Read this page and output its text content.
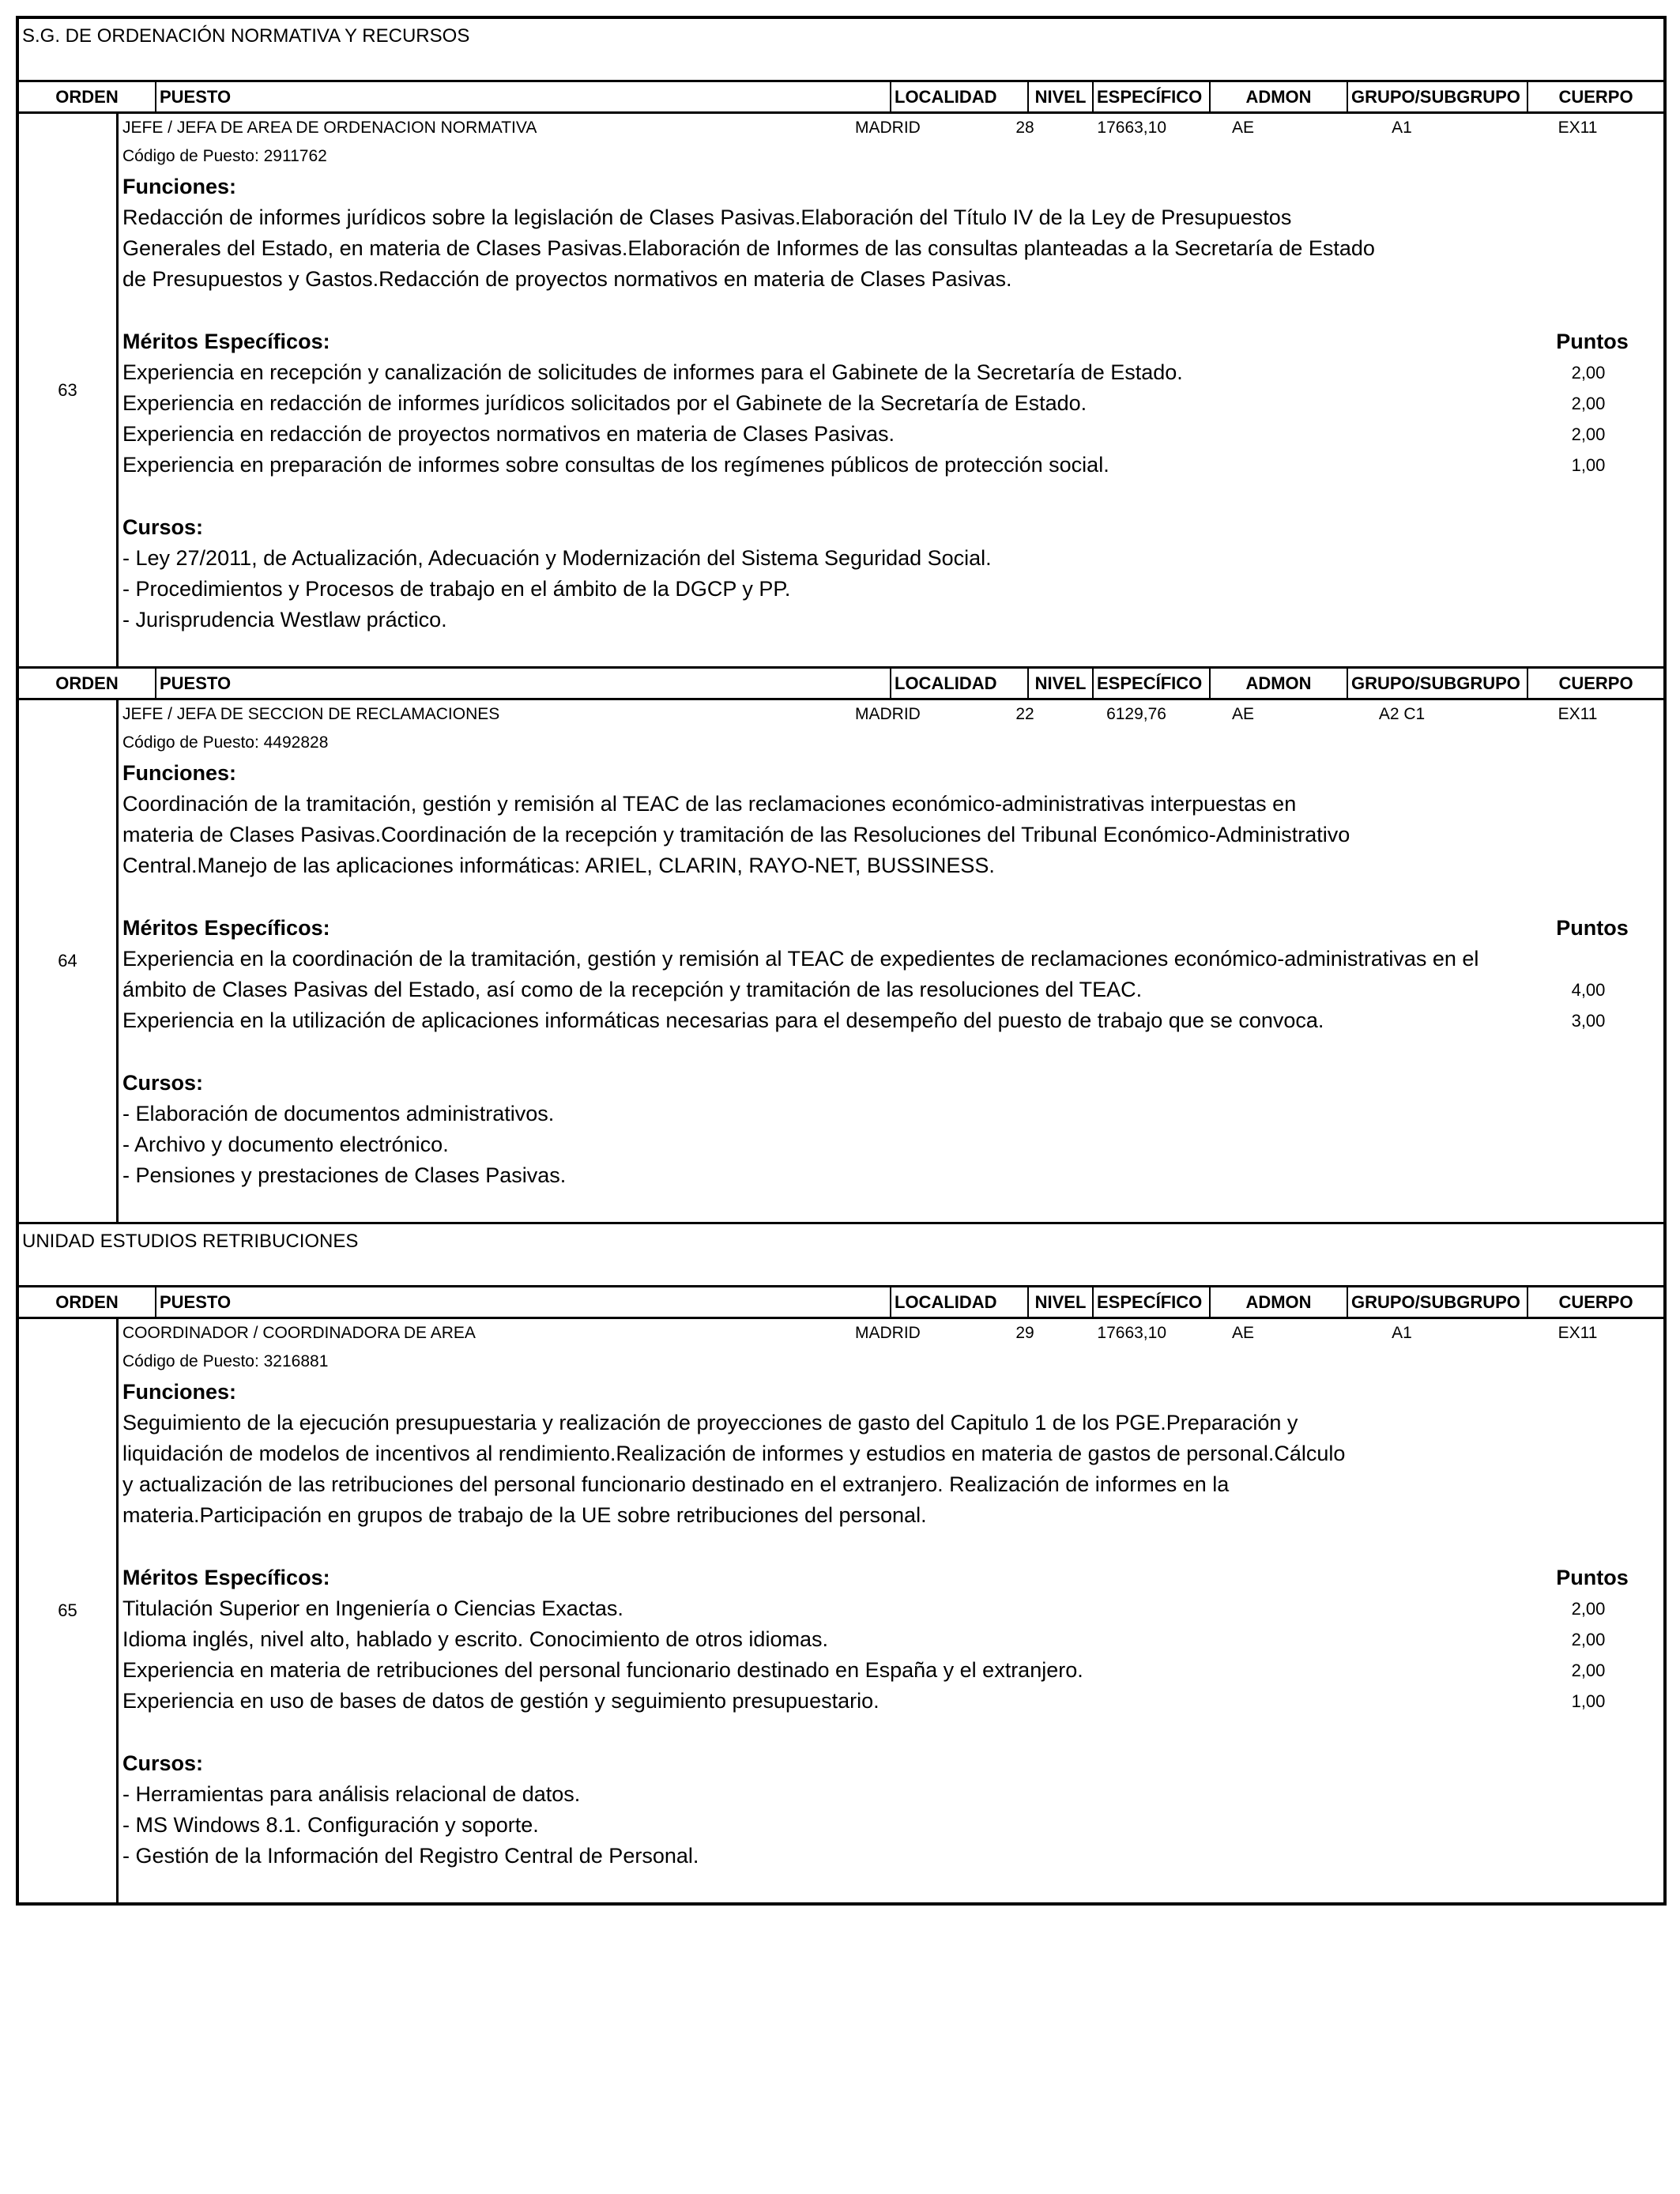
S.G. DE ORDENACIÓN NORMATIVA Y RECURSOS
ORDEN	PUESTO	LOCALIDAD	NIVEL ESPECÍFICO	ADMON	GRUPO/SUBGRUPO	CUERPO
63
JEFE / JEFA DE AREA DE ORDENACION NORMATIVA	MADRID	28	17663,10	AE	A1	EX11
Código de Puesto: 2911762
Funciones:
Redacción de informes jurídicos sobre la legislación de Clases Pasivas.Elaboración del Título IV de la Ley de Presupuestos
Generales del Estado, en materia de Clases Pasivas.Elaboración de Informes de las consultas planteadas a la Secretaría de Estado
de Presupuestos y Gastos.Redacción de proyectos normativos en materia de Clases Pasivas.
Méritos Específicos:	Puntos
Experiencia en recepción y canalización de solicitudes de informes para el Gabinete de la Secretaría de Estado.	2,00
Experiencia en redacción de informes jurídicos solicitados por el Gabinete de la Secretaría de Estado.	2,00
Experiencia en redacción de proyectos normativos en materia de Clases Pasivas.	2,00
Experiencia en preparación de informes sobre consultas de los regímenes públicos de protección social.	1,00
Cursos:
- Ley 27/2011, de Actualización, Adecuación y Modernización del Sistema Seguridad Social.
- Procedimientos y Procesos de trabajo en el ámbito de la DGCP y PP.
- Jurisprudencia Westlaw práctico.
ORDEN	PUESTO	LOCALIDAD	NIVEL ESPECÍFICO	ADMON	GRUPO/SUBGRUPO	CUERPO
64
JEFE / JEFA DE SECCION DE RECLAMACIONES	MADRID	22	6129,76	AE	A2 C1	EX11
Código de Puesto: 4492828
Funciones:
Coordinación de la tramitación, gestión y remisión al TEAC de las reclamaciones económico-administrativas interpuestas en
materia de Clases Pasivas.Coordinación de la recepción y tramitación de las Resoluciones del Tribunal Económico-Administrativo
Central.Manejo de las aplicaciones informáticas: ARIEL, CLARIN, RAYO-NET, BUSSINESS.
Méritos Específicos:	Puntos
Experiencia en la coordinación de la tramitación, gestión y remisión al TEAC de expedientes de reclamaciones económico-administrativas en el ámbito de Clases Pasivas del Estado, así como de la recepción y tramitación de las resoluciones del TEAC.	4,00
Experiencia en la utilización de aplicaciones informáticas necesarias para el desempeño del puesto de trabajo que se convoca.	3,00
Cursos:
- Elaboración de documentos administrativos.
- Archivo y documento electrónico.
- Pensiones y prestaciones de Clases Pasivas.
UNIDAD ESTUDIOS RETRIBUCIONES
ORDEN	PUESTO	LOCALIDAD	NIVEL ESPECÍFICO	ADMON	GRUPO/SUBGRUPO	CUERPO
65
COORDINADOR / COORDINADORA DE AREA	MADRID	29	17663,10	AE	A1	EX11
Código de Puesto: 3216881
Funciones:
Seguimiento de la ejecución presupuestaria y realización de proyecciones de gasto del Capitulo 1 de los PGE.Preparación y
liquidación de modelos de incentivos al rendimiento.Realización de informes y estudios en materia de gastos de personal.Cálculo
y actualización de las retribuciones del personal funcionario destinado en el extranjero. Realización de informes en la
materia.Participación en grupos de trabajo de la UE sobre retribuciones del personal.
Méritos Específicos:	Puntos
Titulación Superior en Ingeniería o Ciencias Exactas.	2,00
Idioma inglés, nivel alto, hablado y escrito. Conocimiento de otros idiomas.	2,00
Experiencia en materia de retribuciones del personal funcionario destinado en España y el extranjero.	2,00
Experiencia en uso de bases de datos de gestión y seguimiento presupuestario.	1,00
Cursos:
- Herramientas para análisis relacional de datos.
- MS Windows 8.1. Configuración y soporte.
- Gestión de la Información del Registro Central de Personal.
